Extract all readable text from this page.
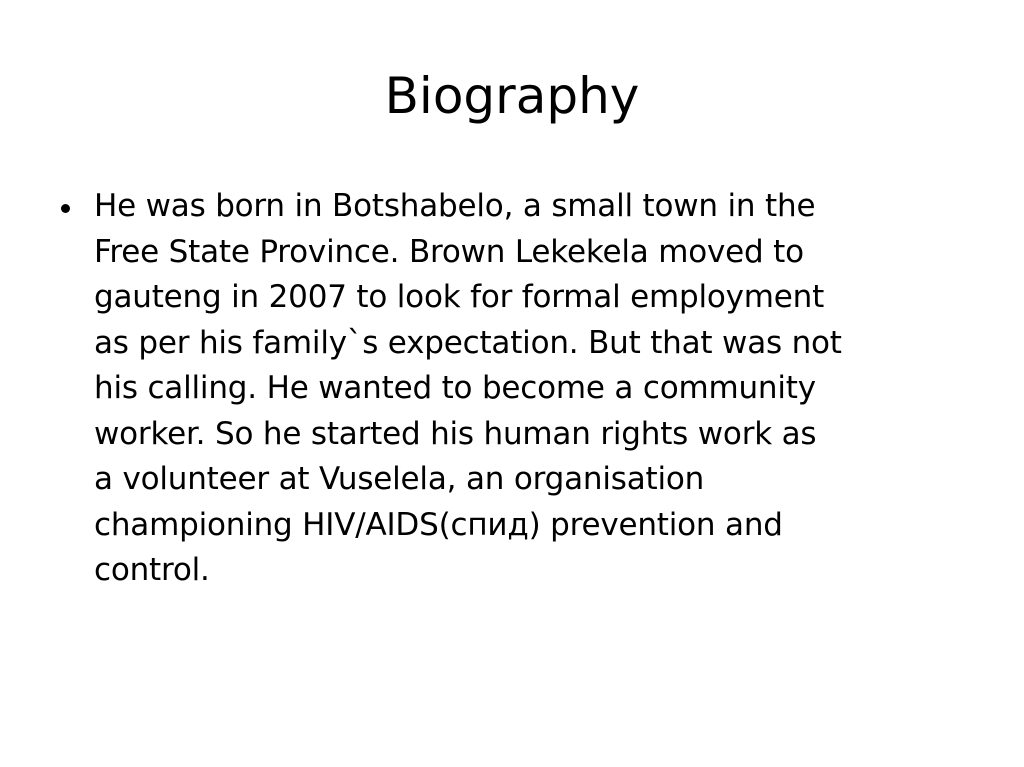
Biography
He was born in Botshabelo, a small town in the
Free State Province. Brown Lekekela moved to
gauteng in 2007 to look for formal employment
as per his family`s expectation. But that was not
his calling. He wanted to become a community
worker. So he started his human rights work as
a volunteer at Vuselela, an organisation
championing HIV/AIDS(спид) prevention and
control.
